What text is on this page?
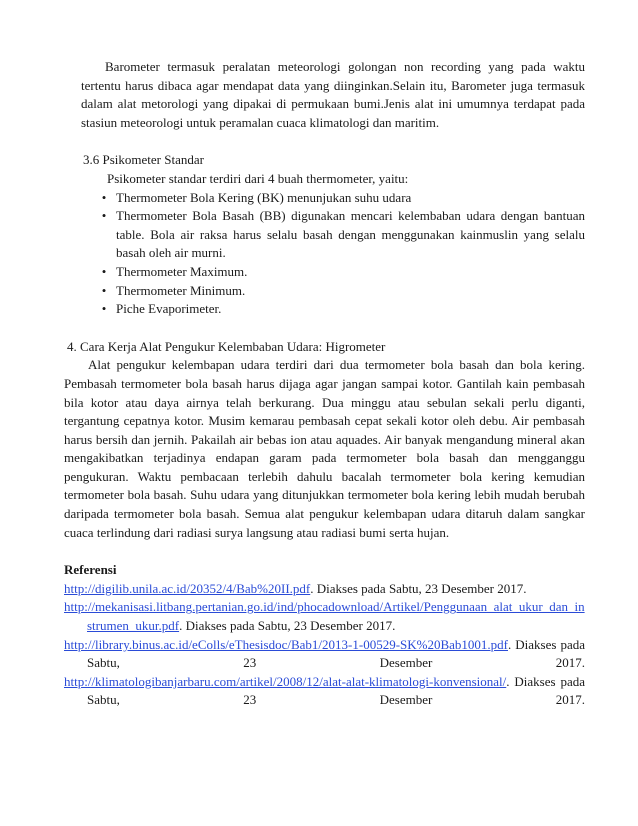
Barometer termasuk peralatan meteorologi golongan non recording yang pada waktu tertentu harus dibaca agar mendapat data yang diinginkan.Selain itu, Barometer juga termasuk dalam alat metorologi yang dipakai di permukaan bumi.Jenis alat ini umumnya terdapat pada stasiun meteorologi untuk peramalan cuaca klimatologi dan maritim.

3.6 Psikometer Standar

Psikometer standar terdiri dari 4 buah thermometer, yaitu:

• Thermometer Bola Kering (BK) menunjukan suhu udara
• Thermometer Bola Basah (BB) digunakan mencari kelembaban udara dengan bantuan table. Bola air raksa harus selalu basah dengan menggunakan kainmuslin yang selalu basah oleh air murni.
• Thermometer Maximum.
• Thermometer Minimum.
• Piche Evaporimeter.

4. Cara Kerja Alat Pengukur Kelembaban Udara: Higrometer

Alat pengukur kelembapan udara terdiri dari dua termometer bola basah dan bola kering. Pembasah termometer bola basah harus dijaga agar jangan sampai kotor. Gantilah kain pembasah bila kotor atau daya airnya telah berkurang. Dua minggu atau sebulan sekali perlu diganti, tergantung cepatnya kotor. Musim kemarau pembasah cepat sekali kotor oleh debu. Air pembasah harus bersih dan jernih. Pakailah air bebas ion atau aquades. Air banyak mengandung mineral akan mengakibatkan terjadinya endapan garam pada termometer bola basah dan mengganggu pengukuran. Waktu pembacaan terlebih dahulu bacalah termometer bola kering kemudian termometer bola basah. Suhu udara yang ditunjukkan termometer bola kering lebih mudah berubah daripada termometer bola basah. Semua alat pengukur kelembapan udara ditaruh dalam sangkar cuaca terlindung dari radiasi surya langsung atau radiasi bumi serta hujan.

Referensi

http://digilib.unila.ac.id/20352/4/Bab%20II.pdf. Diakses pada Sabtu, 23 Desember 2017.

http://mekanisasi.litbang.pertanian.go.id/ind/phocadownload/Artikel/Penggunaan_alat_ukur_dan_instrumen_ukur.pdf. Diakses pada Sabtu, 23 Desember 2017.

http://library.binus.ac.id/eColls/eThesisdoc/Bab1/2013-1-00529-SK%20Bab1001.pdf. Diakses pada Sabtu, 23 Desember 2017.

http://klimatologibanjarbaru.com/artikel/2008/12/alat-alat-klimatologi-konvensional/. Diakses pada Sabtu, 23 Desember 2017.
